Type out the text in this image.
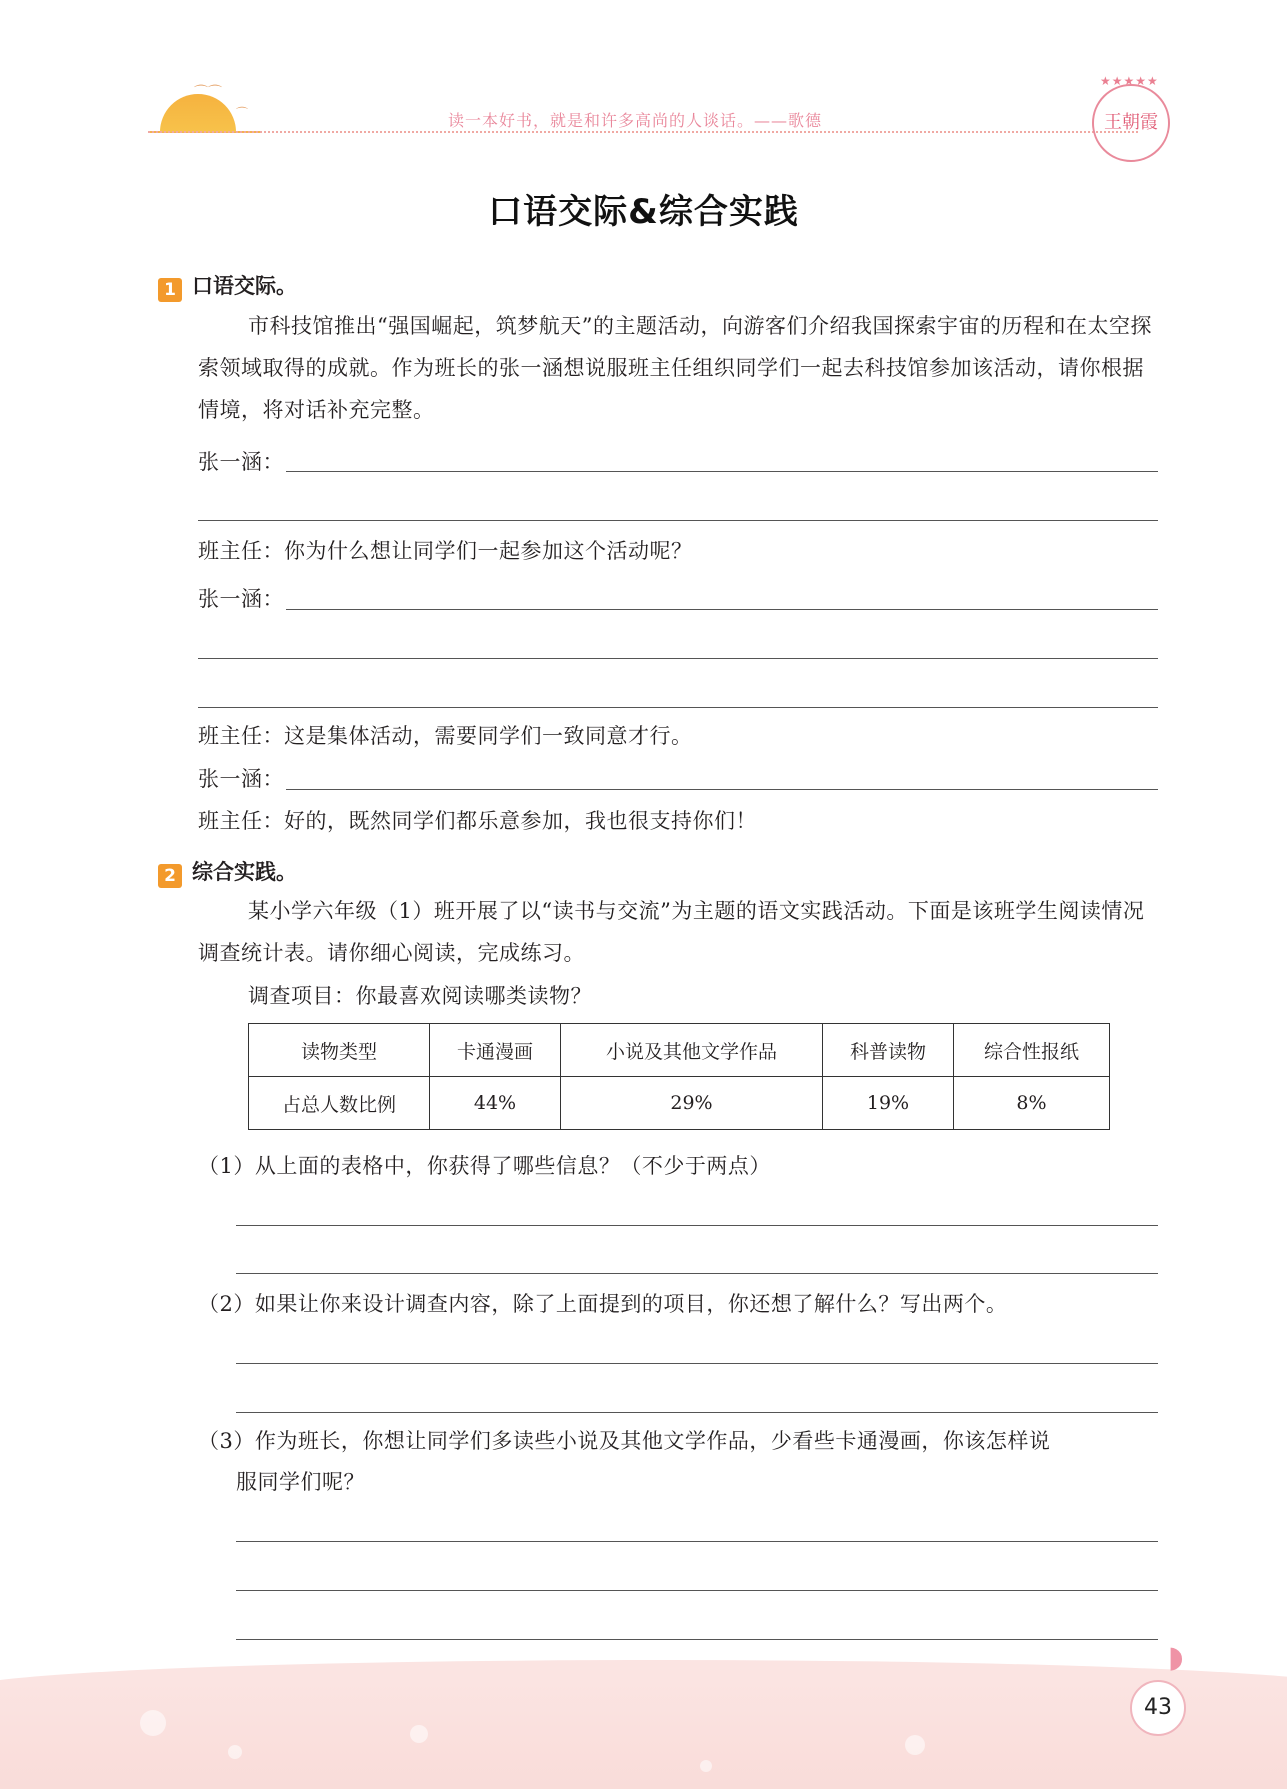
⌒⌒
⌒	读一本好书，就是和许多高尚的人谈话。——歌德
★★★★★
王朝霞
口语交际&综合实践
1 口语交际。
市科技馆推出“强国崛起，筑梦航天”的主题活动，向游客们介绍我国探索宇宙的历程和在太空探索领域取得的成就。作为班长的张一涵想说服班主任组织同学们一起去科技馆参加该活动，请你根据情境，将对话补充完整。
张一涵：
班主任：你为什么想让同学们一起参加这个活动呢？
张一涵：
班主任：这是集体活动，需要同学们一致同意才行。
张一涵：
班主任：好的，既然同学们都乐意参加，我也很支持你们！
2 综合实践。
某小学六年级（1）班开展了以“读书与交流”为主题的语文实践活动。下面是该班学生阅读情况调查统计表。请你细心阅读，完成练习。
调查项目：你最喜欢阅读哪类读物？
读物类型	卡通漫画	小说及其他文学作品	科普读物	综合性报纸
占总人数比例	44%	29%	19%	8%
（1）从上面的表格中，你获得了哪些信息？（不少于两点）
（2）如果让你来设计调查内容，除了上面提到的项目，你还想了解什么？写出两个。
（3）作为班长，你想让同学们多读些小说及其他文学作品，少看些卡通漫画，你该怎样说
服同学们呢？
◗
43
